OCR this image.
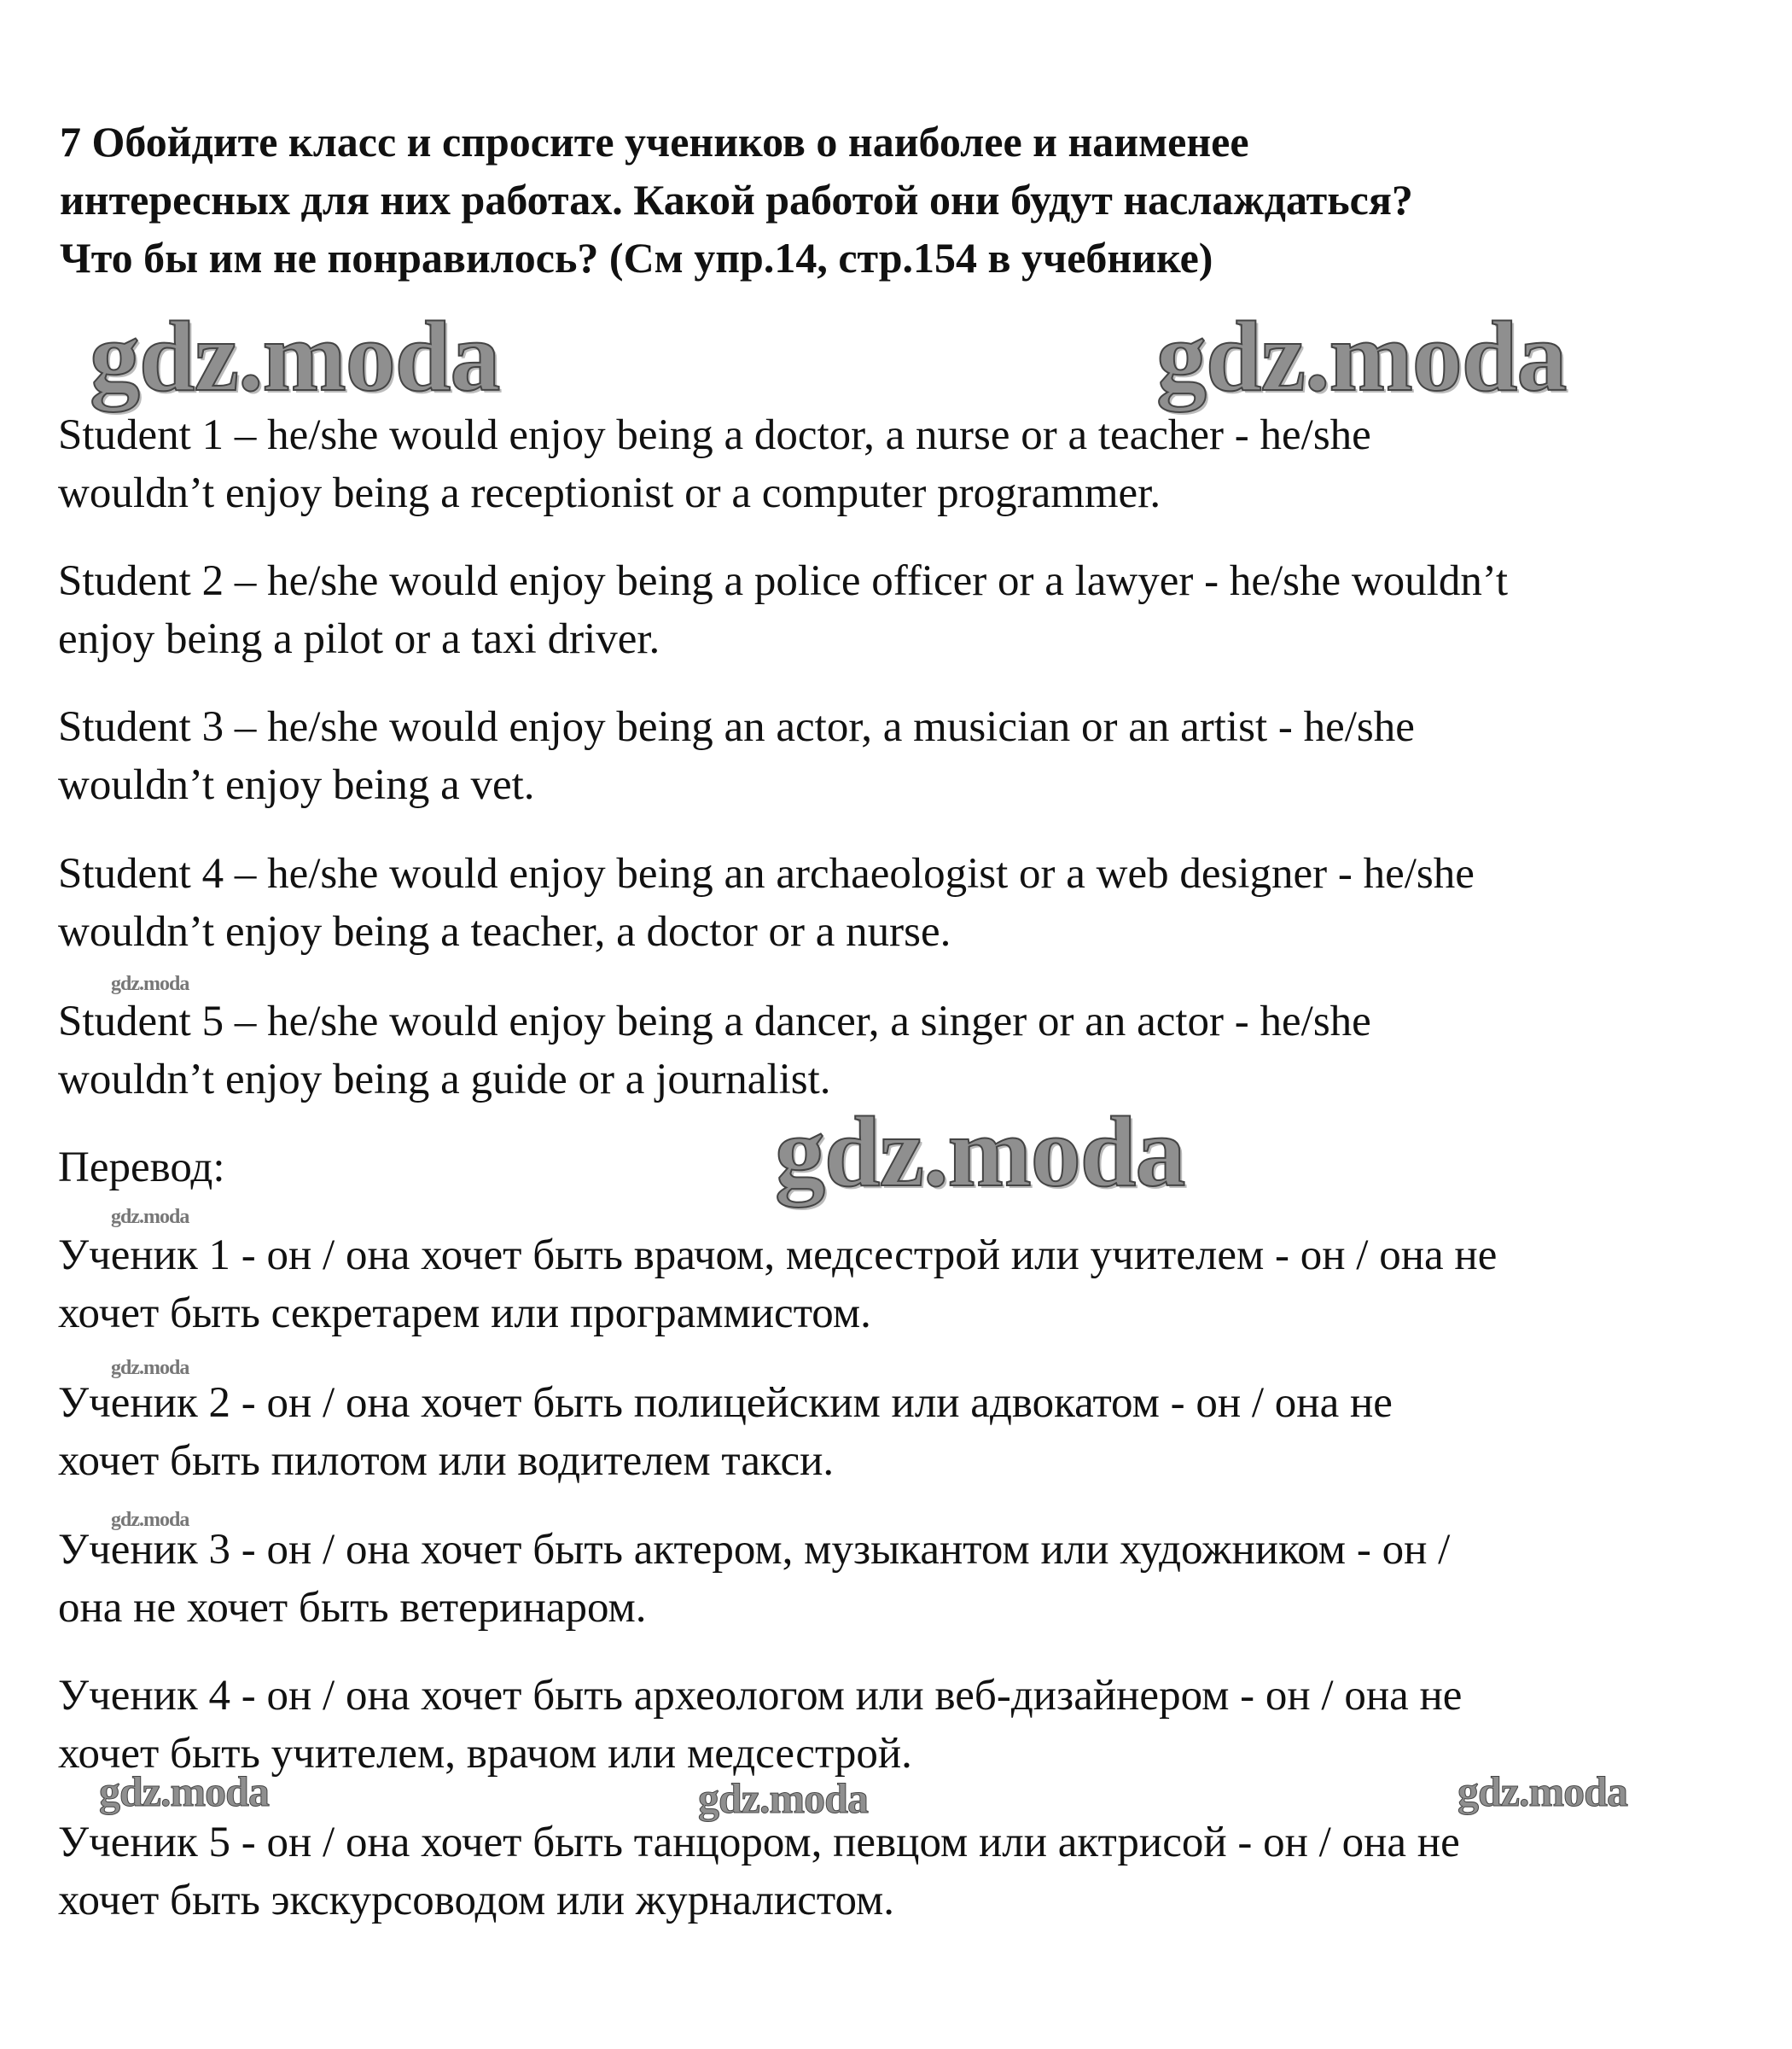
7 Обойдите класс и спросите учеников о наиболее и наименее
интересных для них работах. Какой работой они будут наслаждаться?
Что бы им не понравилось? (См упр.14, стр.154 в учебнике)
gdz.moda	gdz.moda
gdz.moda
gdz.moda
gdz.moda
gdz.moda
gdz.moda
gdz.moda	gdz.moda	gdz.moda
Student 1 – he/she would enjoy being a doctor, a nurse or a teacher - he/she
wouldn’t enjoy being a receptionist or a computer programmer.
Student 2 – he/she would enjoy being a police officer or a lawyer - he/she wouldn’t
enjoy being a pilot or a taxi driver.
Student 3 – he/she would enjoy being an actor, a musician or an artist - he/she
wouldn’t enjoy being a vet.
Student 4 – he/she would enjoy being an archaeologist or a web designer - he/she
wouldn’t enjoy being a teacher, a doctor or a nurse.
Student 5 – he/she would enjoy being a dancer, a singer or an actor - he/she
wouldn’t enjoy being a guide or a journalist.
Перевод:
Ученик 1 - он / она хочет быть врачом, медсестрой или учителем - он / она не
хочет быть секретарем или программистом.
Ученик 2 - он / она хочет быть полицейским или адвокатом - он / она не
хочет быть пилотом или водителем такси.
Ученик 3 - он / она хочет быть актером, музыкантом или художником - он /
она не хочет быть ветеринаром.
Ученик 4 - он / она хочет быть археологом или веб-дизайнером - он / она не
хочет быть учителем, врачом или медсестрой.
Ученик 5 - он / она хочет быть танцором, певцом или актрисой - он / она не
хочет быть экскурсоводом или журналистом.
